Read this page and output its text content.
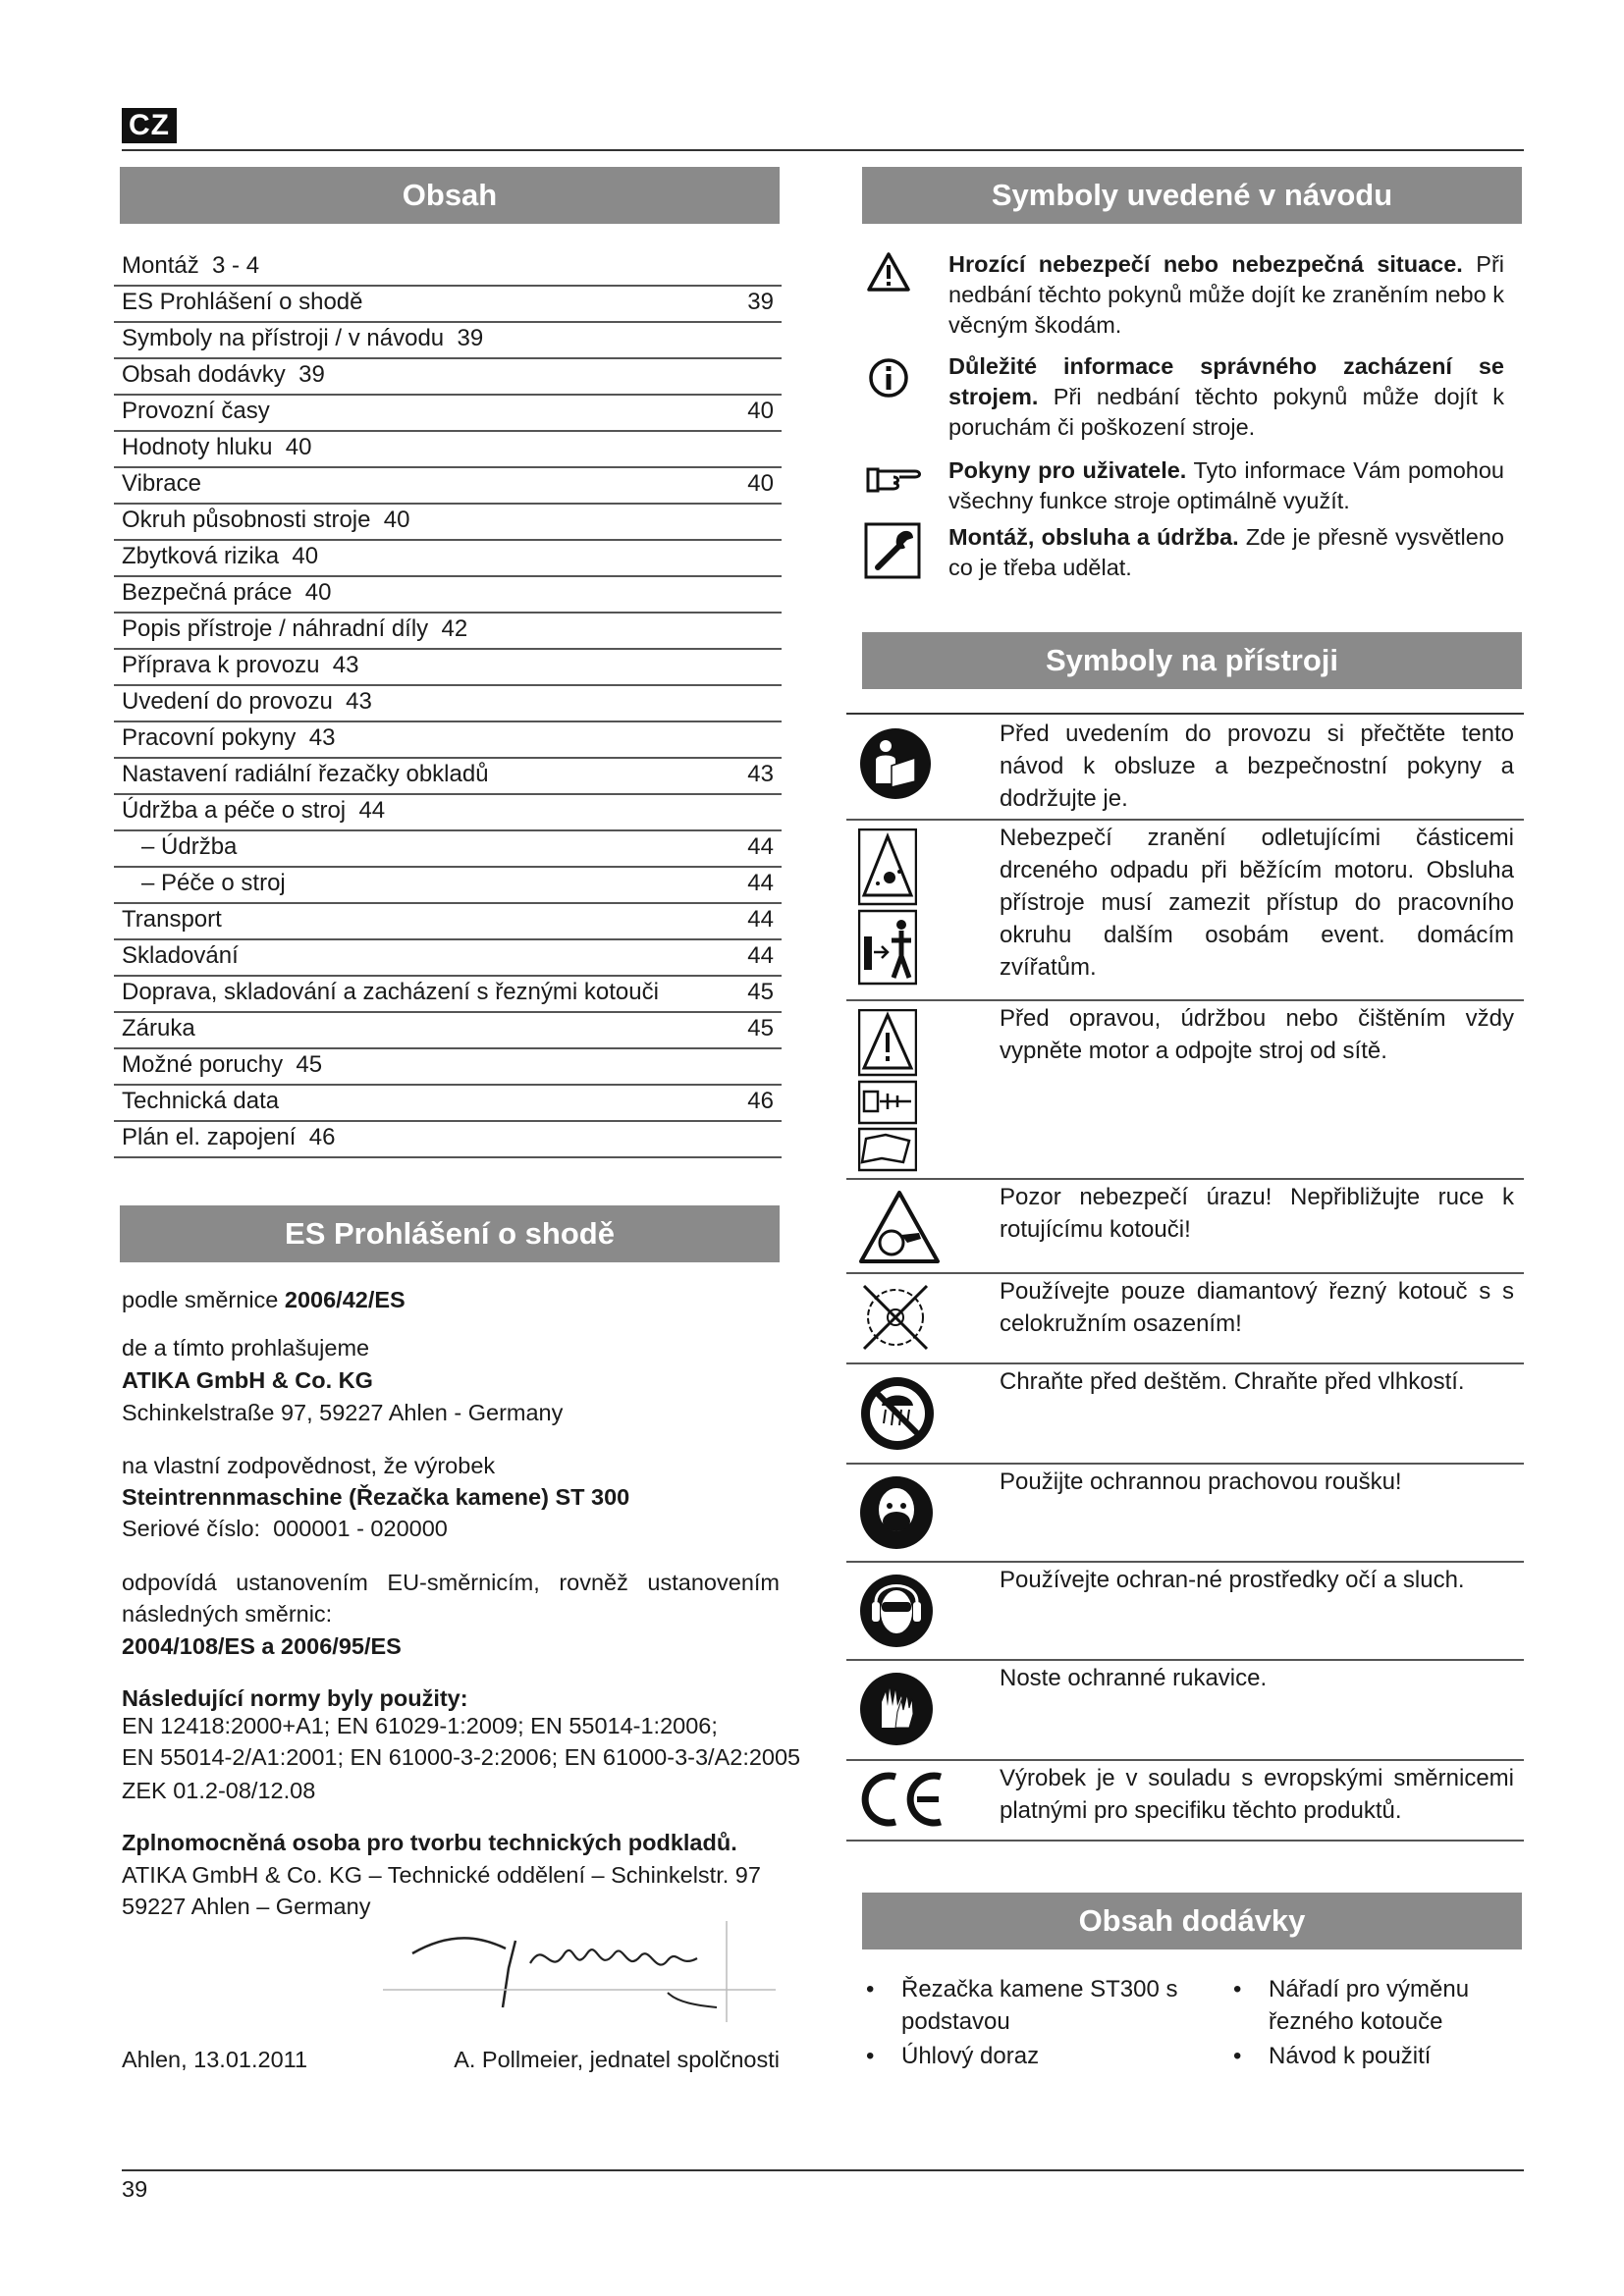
CZ
Obsah
Montáž  3 - 4
ES Prohlášení o shodě	39
Symboly na přístroji / v návodu  39
Obsah dodávky  39
Provozní časy	40
Hodnoty hluku  40
Vibrace	40
Okruh působnosti stroje  40
Zbytková rizika  40
Bezpečná práce  40
Popis přístroje / náhradní díly  42
Příprava k provozu  43
Uvedení do provozu  43
Pracovní pokyny  43
Nastavení radiální řezačky obkladů	43
Údržba a péče o stroj  44
– Údržba	44
– Péče o stroj	44
Transport	44
Skladování	44
Doprava, skladování a zacházení s řeznými kotouči	45
Záruka	45
Možné poruchy  45
Technická data	46
Plán el. zapojení  46
ES Prohlášení o shodě
podle směrnice 2006/42/ES
de a tímto prohlašujeme
ATIKA GmbH & Co. KG
Schinkelstraße 97, 59227 Ahlen - Germany
na vlastní zodpovědnost, že výrobek
Steintrennmaschine (Řezačka kamene) ST 300
Seriové číslo: 000001 - 020000
odpovídá ustanovením EU-směrnicím, rovněž ustanovením následných směrnic:
2004/108/ES a 2006/95/ES
Následující normy byly použity:
EN 12418:2000+A1; EN 61029-1:2009; EN 55014-1:2006;
EN 55014-2/A1:2001; EN 61000-3-2:2006; EN 61000-3-3/A2:2005
ZEK 01.2-08/12.08
Zplnomocněná osoba pro tvorbu technických podkladů.
ATIKA GmbH & Co. KG – Technické oddělení – Schinkelstr. 97
59227 Ahlen – Germany
Ahlen, 13.01.2011	A. Pollmeier, jednatel spolčnosti
Symboly uvedené v návodu
Hrozící nebezpečí nebo nebezpečná situace. Při nedbání těchto pokynů může dojít ke zraněním nebo k věcným škodám.
Důležité informace správného zacházení se strojem. Při nedbání těchto pokynů může dojít k poruchám či poškození stroje.
Pokyny pro uživatele. Tyto informace Vám pomohou všechny funkce stroje optimálně využít.
Montáž, obsluha a údržba. Zde je přesně vysvětleno co je třeba udělat.
Symboly na přístroji
Před uvedením do provozu si přečtěte tento návod k obsluze a bezpečnostní pokyny a dodržujte je.
Nebezpečí zranění odletujícími částicemi drceného odpadu při běžícím motoru. Obsluha přístroje musí zamezit přístup do pracovního okruhu dalším osobám event. domácím zvířatům.
Před opravou, údržbou nebo čištěním vždy vypněte motor a odpojte stroj od sítě.
Pozor nebezpečí úrazu! Nepřibližujte ruce k rotujícímu kotouči!
Používejte pouze diamantový řezný kotouč s s celokružním osazením!
Chraňte před deštěm. Chraňte před vlhkostí.
Použijte ochrannou prachovou roušku!
Používejte ochran-né prostředky očí a sluch.
Noste ochranné rukavice.
Výrobek je v souladu s evropskými směrnicemi platnými pro specifiku těchto produktů.
Obsah dodávky
• Řezačka kamene ST300 s podstavou
• Úhlový doraz
• Nářadí pro výměnu řezného kotouče
• Návod k použití
39
